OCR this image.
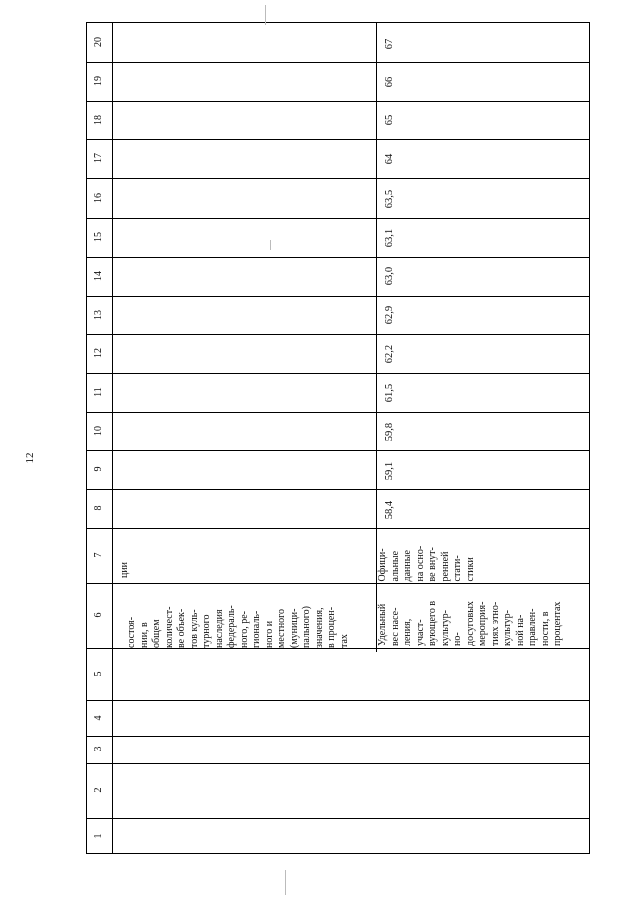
12
20
19
18
17
16
15
14
13
12
11
10
9
8
7
6
5
4
3
2
1
ции
состоя- нии, в общем количест- ве объек- тов куль- турного наследия федераль- ного, ре- гиональ- ного и местного (муници- пального) значения, в процен- тах
58,4
59,1
59,8
61,5
62,2
62,9
63,0
63,1
63,5
64
65
66
67
Офици- альные данные на осно- ве внут- ренней стати- стики
Удельный вес насе- ления, участ- вующего в культур- но- досуговых мероприя- тиях этно- культур- ной на- правлен- ности, в процентах
